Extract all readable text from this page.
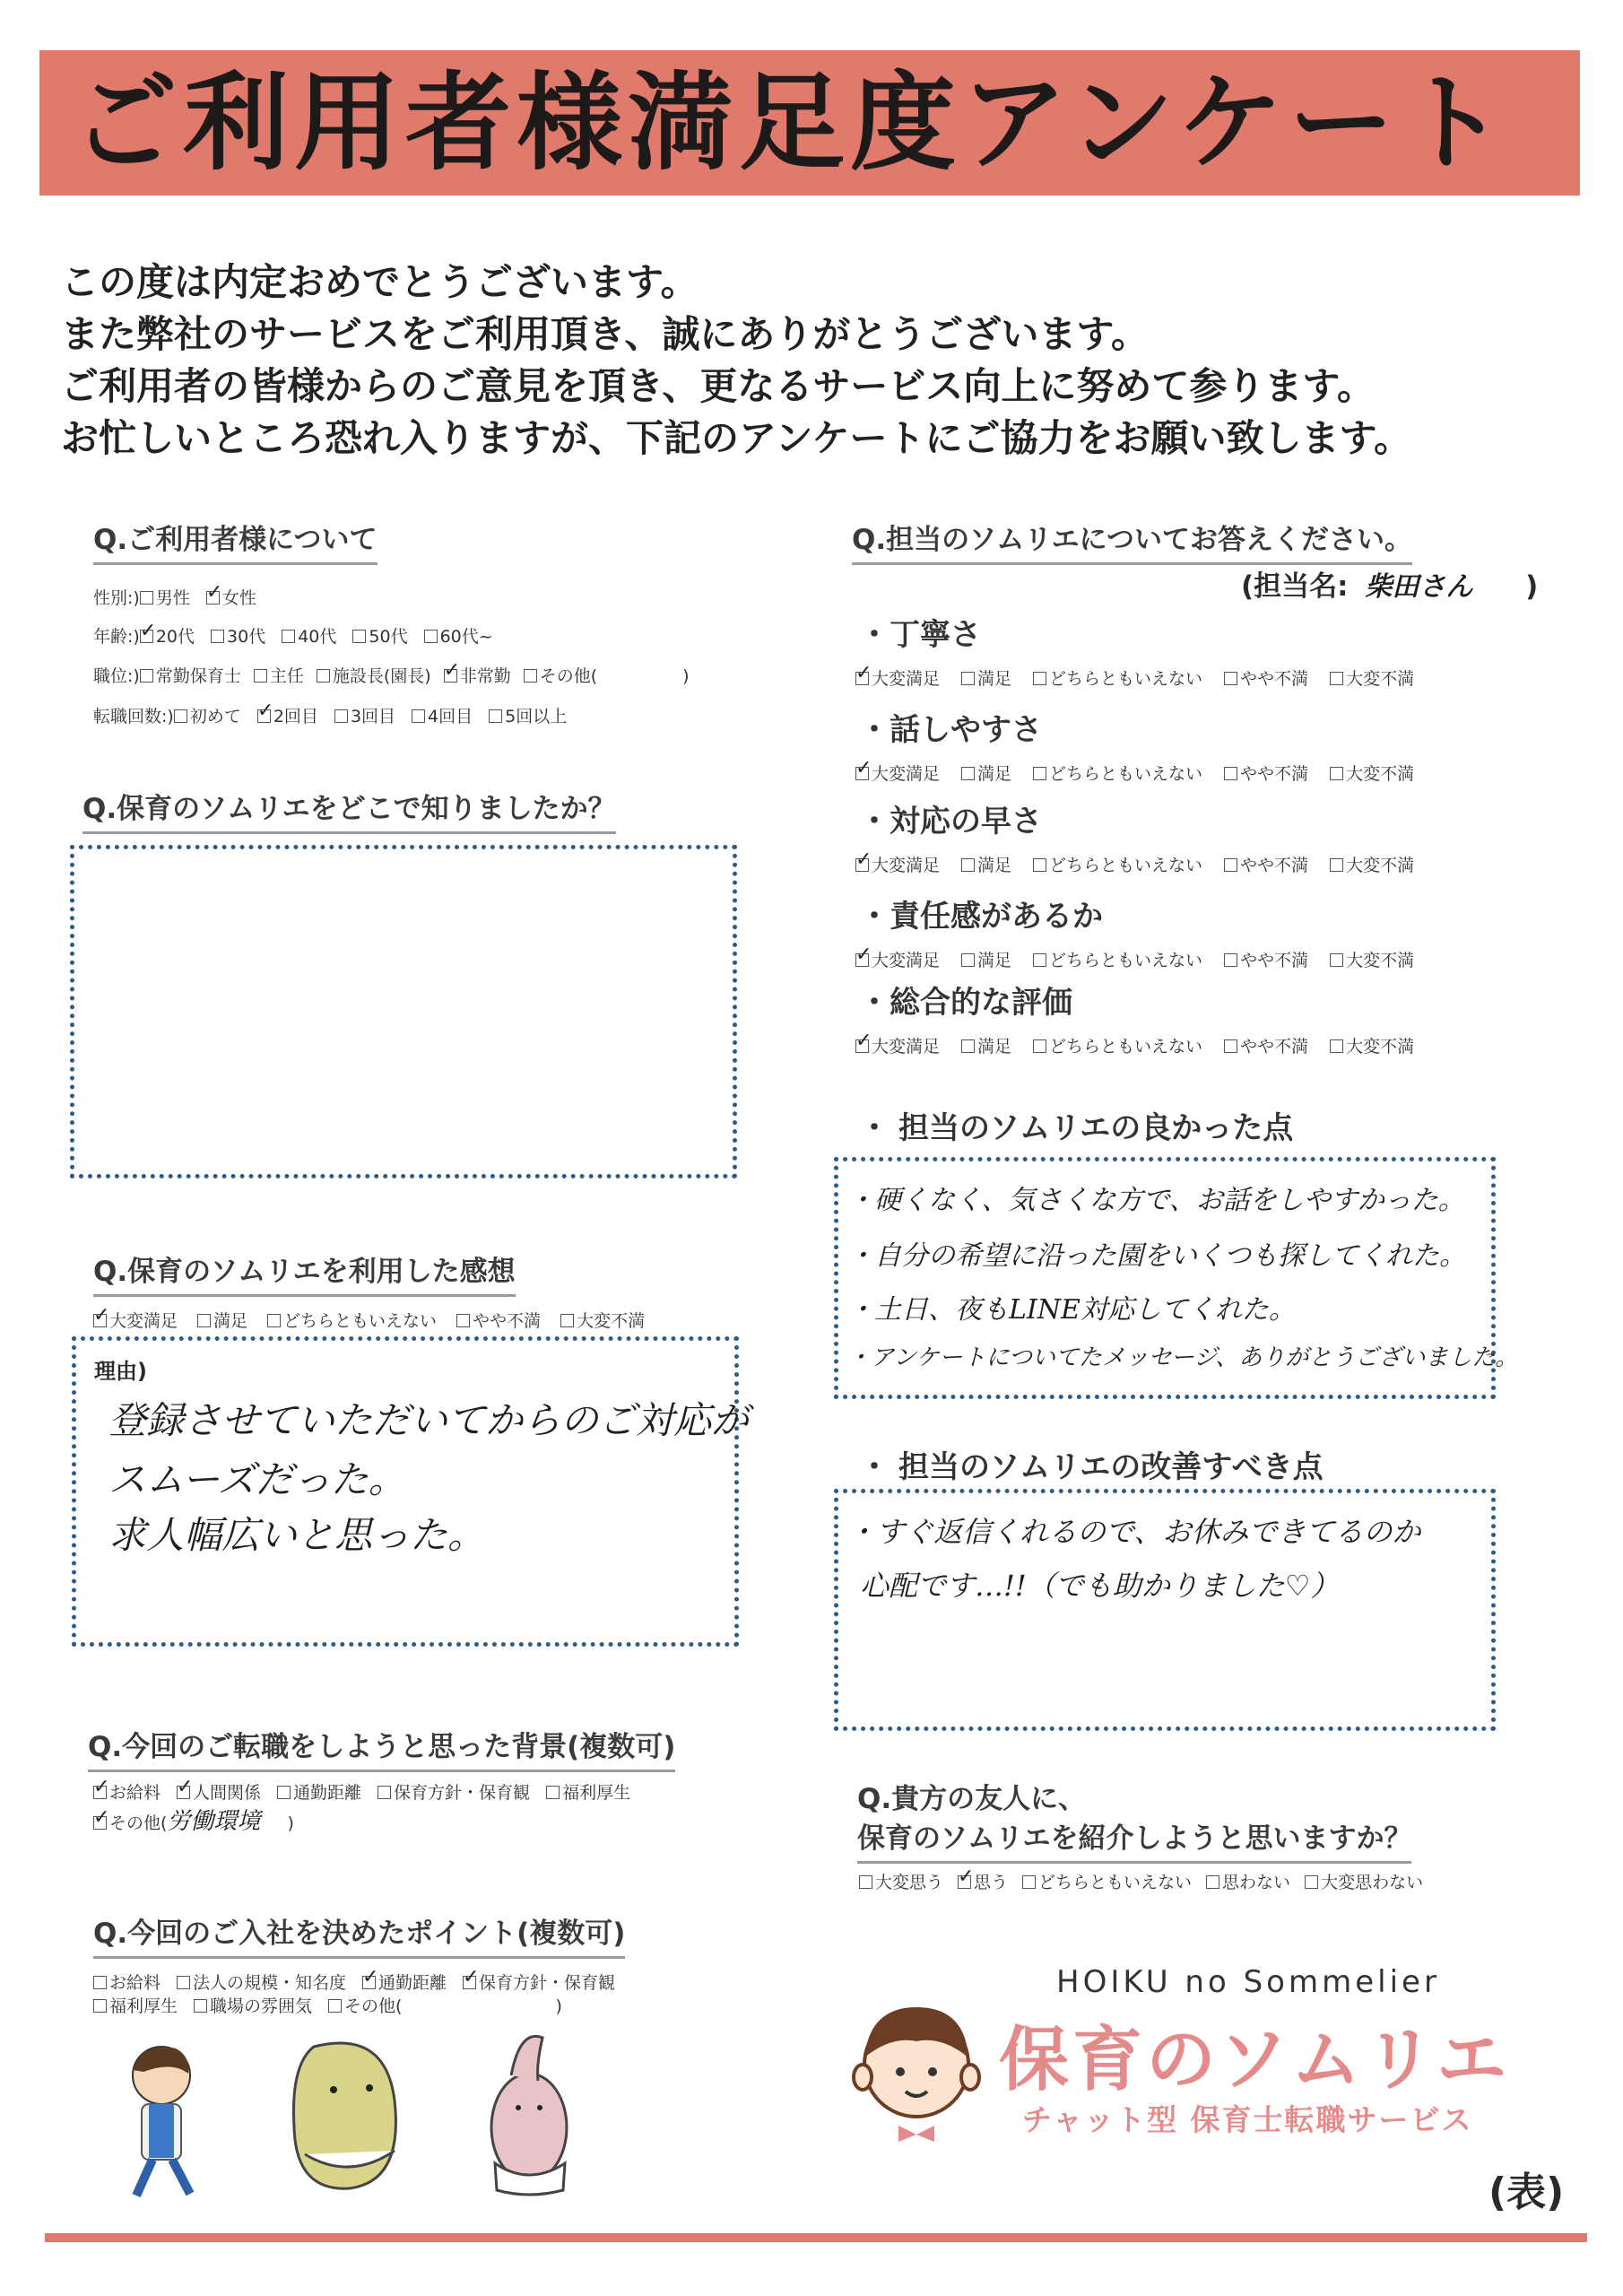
ご利用者様満足度アンケート
この度は内定おめでとうございます。
また弊社のサービスをご利用頂き、誠にありがとうございます。
ご利用者の皆様からのご意見を頂き、更なるサービス向上に努めて参ります。
お忙しいところ恐れ入りますが、下記のアンケートにご協力をお願い致します。
Q.ご利用者様について
性別:) 男性 ✓ 女性
年齢:) ✓ 20代 30代 40代 50代 60代~
職位:) 常勤保育士 主任 施設長(園長) ✓ 非常勤 その他(　　　　　)
転職回数:) 初めて ✓ 2回目 3回目 4回目 5回以上
Q.保育のソムリエをどこで知りましたか？
Q.保育のソムリエを利用した感想
✓大変満足 満足 どちらともいえない やや不満 大変不満
理由)
登録させていただいてからのご対応が
スムーズだった。
求人幅広いと思った。
Q.今回のご転職をしようと思った背景(複数可)
✓お給料 ✓ 人間関係 通勤距離 保育方針・保育観 福利厚生
✓その他(労働環境 )
Q.今回のご入社を決めたポイント(複数可)
お給料 法人の規模・知名度 ✓ 通勤距離 ✓ 保育方針・保育観
福利厚生 職場の雰囲気 その他(　　　　　　　　　)
Q.担当のソムリエについてお答えください。
(担当名: 柴田さん )
・丁寧さ
✓大変満足 満足 どちらともいえない やや不満 大変不満
・話しやすさ
✓大変満足 満足 どちらともいえない やや不満 大変不満
・対応の早さ
✓大変満足 満足 どちらともいえない やや不満 大変不満
・責任感があるか
✓大変満足 満足 どちらともいえない やや不満 大変不満
・総合的な評価
✓大変満足 満足 どちらともいえない やや不満 大変不満
・ 担当のソムリエの良かった点
・硬くなく、気さくな方で、お話をしやすかった。
・自分の希望に沿った園をいくつも探してくれた。
・土日、夜もLINE対応してくれた。
・アンケートについてたメッセージ、ありがとうございました。
・ 担当のソムリエの改善すべき点
・すぐ返信くれるので、お休みできてるのか
心配です…!!（でも助かりました♡）
Q.貴方の友人に、
保育のソムリエを紹介しようと思いますか？
大変思う ✓ 思う どちらともいえない 思わない 大変思わない
HOIKU no Sommelier
保育のソムリエ
チャット型 保育士転職サービス
(表)
